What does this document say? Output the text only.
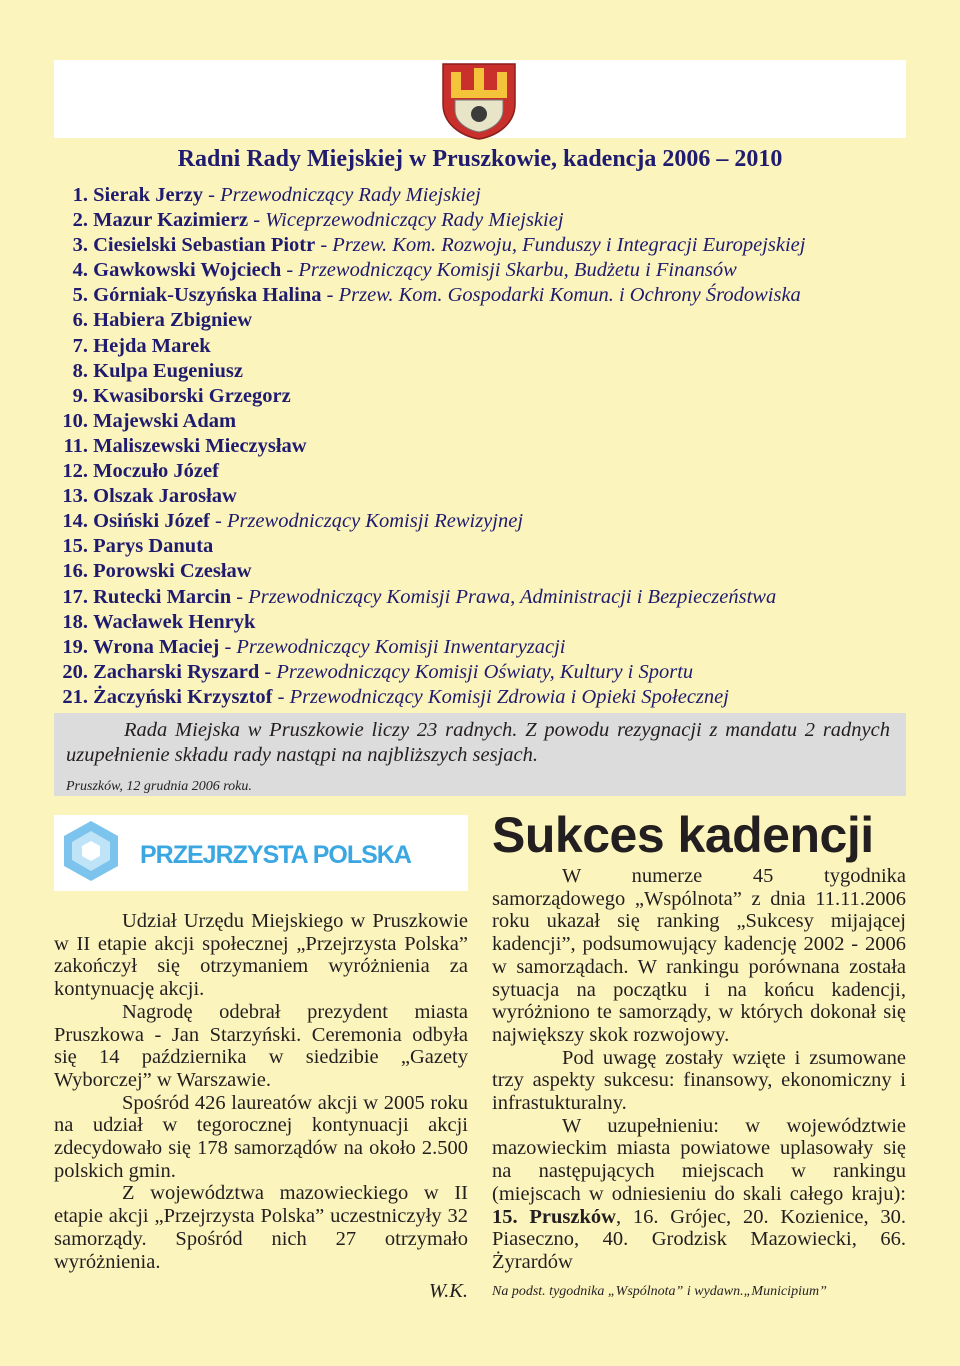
Radni Rady Miejskiej w Pruszkowie, kadencja 2006 – 2010
1. Sierak Jerzy - Przewodniczący Rady Miejskiej
2. Mazur Kazimierz - Wiceprzewodniczący Rady Miejskiej
3. Ciesielski Sebastian Piotr - Przew. Kom. Rozwoju, Funduszy i Integracji Europejskiej
4. Gawkowski Wojciech - Przewodniczący Komisji Skarbu, Budżetu i Finansów
5. Górniak-Uszyńska Halina - Przew. Kom. Gospodarki Komun. i Ochrony Środowiska
6. Habiera Zbigniew
7. Hejda Marek
8. Kulpa Eugeniusz
9. Kwasiborski Grzegorz
10. Majewski Adam
11. Maliszewski Mieczysław
12. Moczuło Józef
13. Olszak Jarosław
14. Osiński Józef - Przewodniczący Komisji Rewizyjnej
15. Parys Danuta
16. Porowski Czesław
17. Rutecki Marcin - Przewodniczący Komisji Prawa, Administracji i Bezpieczeństwa
18. Wacławek Henryk
19. Wrona Maciej - Przewodniczący Komisji Inwentaryzacji
20. Zacharski Ryszard - Przewodniczący Komisji Oświaty, Kultury i Sportu
21. Żaczyński Krzysztof - Przewodniczący Komisji Zdrowia i Opieki Społecznej

Rada Miejska w Pruszkowie liczy 23 radnych. Z powodu rezygnacji z mandatu 2 radnych uzupełnienie składu rady nastąpi na najbliższych sesjach.

Pruszków, 12 grudnia 2006 roku.

PRZEJRZYSTA POLSKA

Udział Urzędu Miejskiego w Pruszkowie w II etapie akcji społecznej „Przejrzysta Polska” zakończył się otrzymaniem wyróżnienia za kontynuację akcji.

Nagrodę odebrał prezydent miasta Pruszkowa - Jan Starzyński. Ceremonia odbyła się 14 października w siedzibie „Gazety Wyborczej” w Warszawie.

Spośród 426 laureatów akcji w 2005 roku na udział w tegorocznej kontynuacji akcji zdecydowało się 178 samorządów na około 2.500 polskich gmin.

Z województwa mazowieckiego w II etapie akcji „Przejrzysta Polska” uczestniczyły 32 samorządy. Spośród nich 27 otrzymało wyróżnienia.

W.K.
Sukces kadencji

W numerze 45 tygodnika samorządowego „Wspólnota” z dnia 11.11.2006 roku ukazał się ranking „Sukcesy mijającej kadencji”, podsumowujący kadencję 2002 - 2006 w samorządach. W rankingu porównana została sytuacja na początku i na końcu kadencji, wyróżniono te samorządy, w których dokonał się największy skok rozwojowy.

Pod uwagę zostały wzięte i zsumowane trzy aspekty sukcesu: finansowy, ekonomiczny i infrastukturalny.

W uzupełnieniu: w województwie mazowieckim miasta powiatowe uplasowały się na następujących miejscach w rankingu (miejscach w odniesieniu do skali całego kraju): 15. Pruszków, 16. Grójec, 20. Kozienice, 30. Piaseczno, 40. Grodzisk Mazowiecki, 66. Żyrardów

Na podst. tygodnika „Wspólnota” i wydawn.„Municipium”
